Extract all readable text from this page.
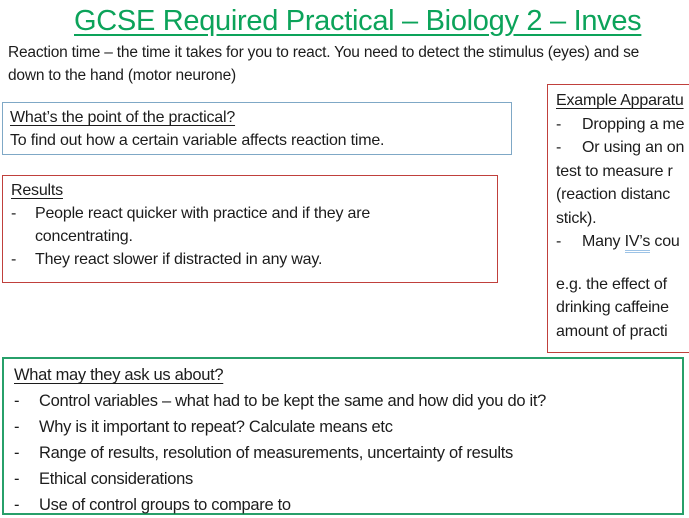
GCSE Required Practical – Biology 2 – Inves
Reaction time – the time it takes for you to react. You need to detect the stimulus (eyes) and se
down to the hand (motor neurone)
What’s the point of the practical?
To find out how a certain variable affects reaction time.
Results
-	People react quicker with practice and if they are
concentrating.
-	They react slower if distracted in any way.
Example Apparatu
-	Dropping a me
-	Or using an on
test to measure r
(reaction distanc
stick).
-	Many IV’s cou
e.g. the effect of
drinking caffeine
amount of practi
What may they ask us about?
-	Control variables – what had to be kept the same and how did you do it?
-	Why is it important to repeat? Calculate means etc
-	Range of results, resolution of measurements, uncertainty of results
-	Ethical considerations
-	Use of control groups to compare to
